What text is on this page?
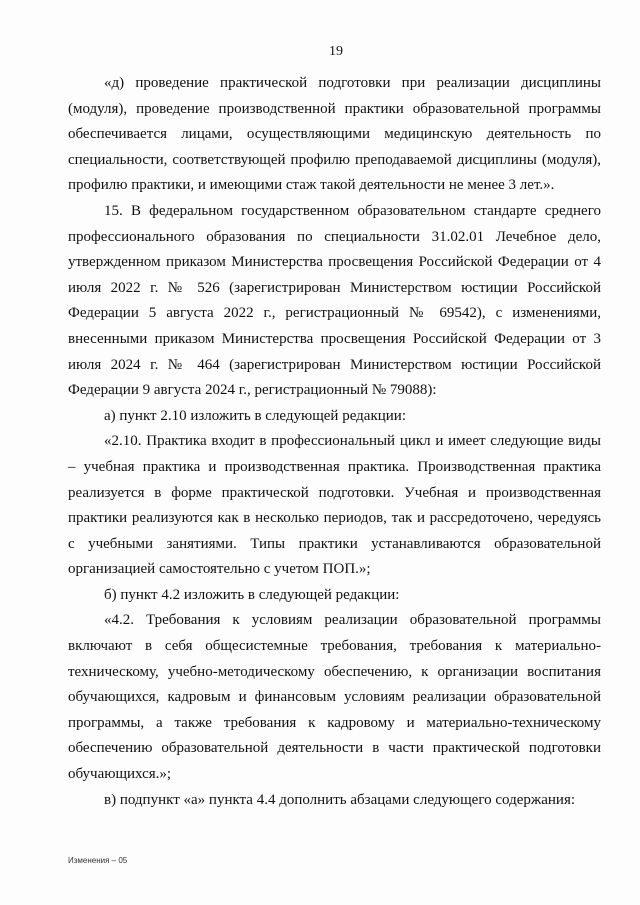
19

«д) проведение практической подготовки при реализации дисциплины (модуля), проведение производственной практики образовательной программы обеспечивается лицами, осуществляющими медицинскую деятельность по специальности, соответствующей профилю преподаваемой дисциплины (модуля), профилю практики, и имеющими стаж такой деятельности не менее 3 лет.».

15. В федеральном государственном образовательном стандарте среднего профессионального образования по специальности 31.02.01 Лечебное дело, утвержденном приказом Министерства просвещения Российской Федерации от 4 июля 2022 г. № 526 (зарегистрирован Министерством юстиции Российской Федерации 5 августа 2022 г., регистрационный № 69542), с изменениями, внесенными приказом Министерства просвещения Российской Федерации от 3 июля 2024 г. № 464 (зарегистрирован Министерством юстиции Российской Федерации 9 августа 2024 г., регистрационный № 79088):

а) пункт 2.10 изложить в следующей редакции:

«2.10. Практика входит в профессиональный цикл и имеет следующие виды – учебная практика и производственная практика. Производственная практика реализуется в форме практической подготовки. Учебная и производственная практики реализуются как в несколько периодов, так и рассредоточено, чередуясь с учебными занятиями. Типы практики устанавливаются образовательной организацией самостоятельно с учетом ПОП.»;

б) пункт 4.2 изложить в следующей редакции:

«4.2. Требования к условиям реализации образовательной программы включают в себя общесистемные требования, требования к материально-техническому, учебно-методическому обеспечению, к организации воспитания обучающихся, кадровым и финансовым условиям реализации образовательной программы, а также требования к кадровому и материально-техническому обеспечению образовательной деятельности в части практической подготовки обучающихся.»;

в) подпункт «а» пункта 4.4 дополнить абзацами следующего содержания:

Изменения – 05
